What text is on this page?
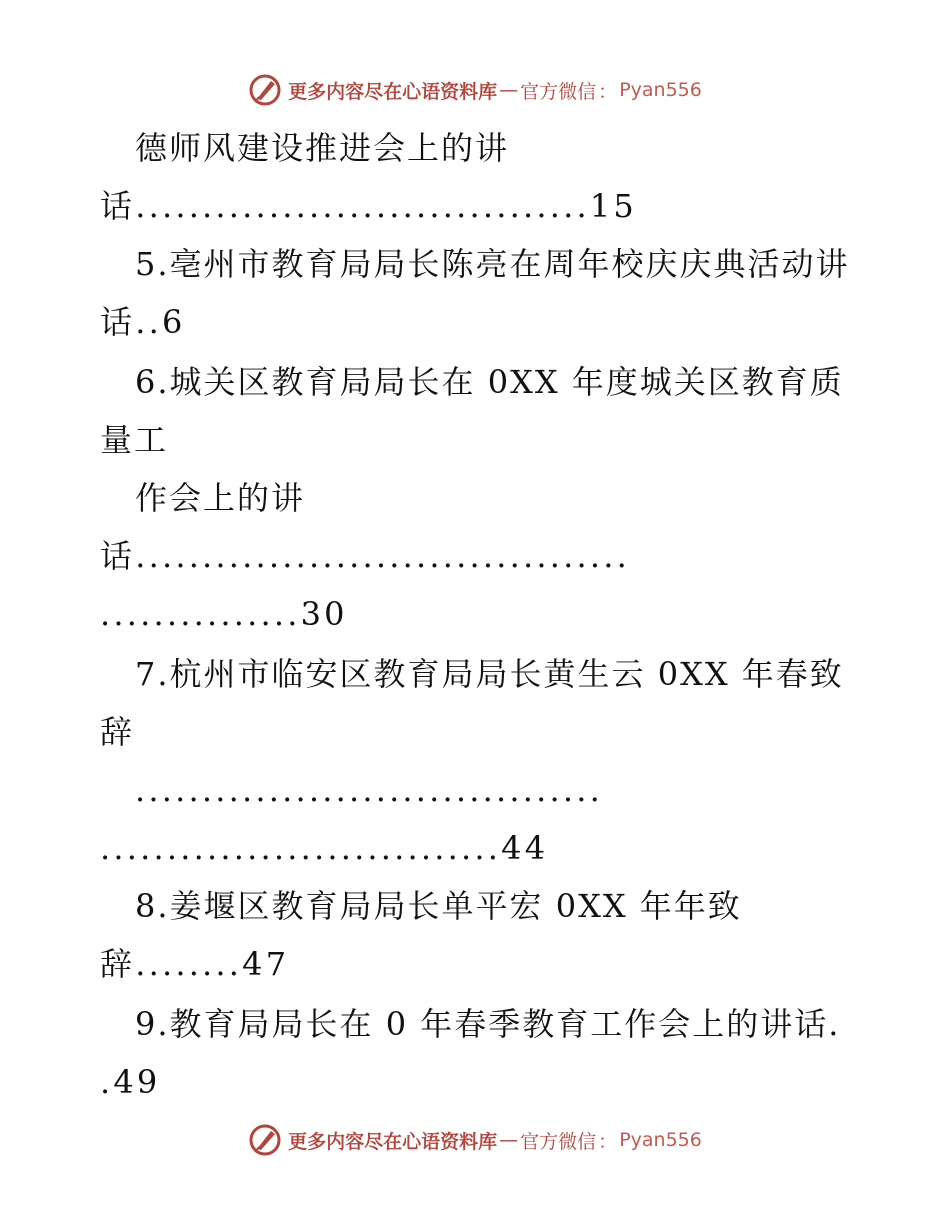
更多内容尽在心语资料库 — 官方微信 ： Pyan556
德师风建设推进会上的讲
话..................................15
5.亳州市教育局局长陈亮在周年校庆庆典活动讲
话..6
6.城关区教育局局长在 0XX 年度城关区教育质
量工
作会上的讲
话.....................................
...............30
7.杭州市临安区教育局局长黄生云 0XX 年春致
辞
...................................
..............................44
8.姜堰区教育局局长单平宏 0XX 年年致
辞........47
9.教育局局长在 0 年春季教育工作会上的讲话.
.49
更多内容尽在心语资料库 — 官方微信 ： Pyan556
